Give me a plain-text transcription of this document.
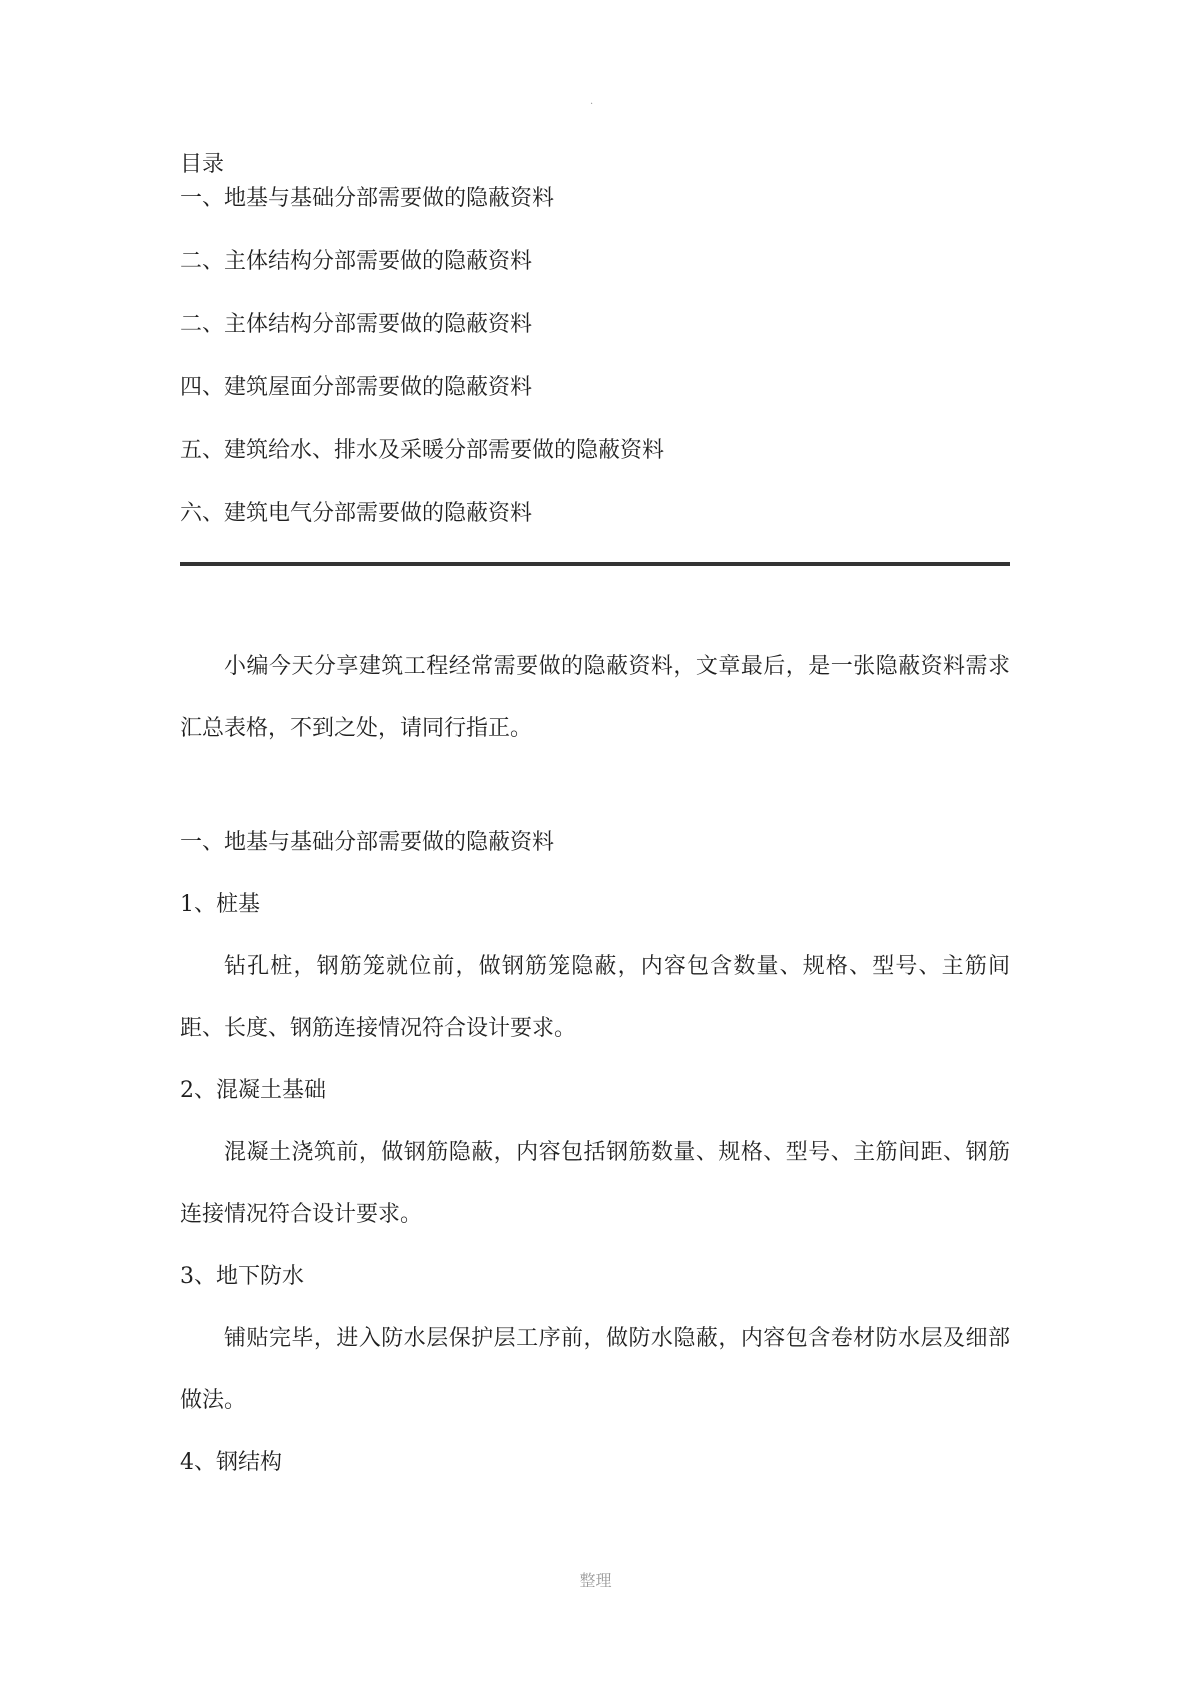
.

目录

一、地基与基础分部需要做的隐蔽资料
二、主体结构分部需要做的隐蔽资料
二、主体结构分部需要做的隐蔽资料
四、建筑屋面分部需要做的隐蔽资料
五、建筑给水、排水及采暖分部需要做的隐蔽资料
六、建筑电气分部需要做的隐蔽资料

小编今天分享建筑工程经常需要做的隐蔽资料，文章最后，是一张隐蔽资料需求汇总表格，不到之处，请同行指正。

一、地基与基础分部需要做的隐蔽资料

1、桩基

钻孔桩，钢筋笼就位前，做钢筋笼隐蔽，内容包含数量、规格、型号、主筋间距、长度、钢筋连接情况符合设计要求。

2、混凝土基础

混凝土浇筑前，做钢筋隐蔽，内容包括钢筋数量、规格、型号、主筋间距、钢筋连接情况符合设计要求。

3、地下防水

铺贴完毕，进入防水层保护层工序前，做防水隐蔽，内容包含卷材防水层及细部做法。

4、钢结构

整理
